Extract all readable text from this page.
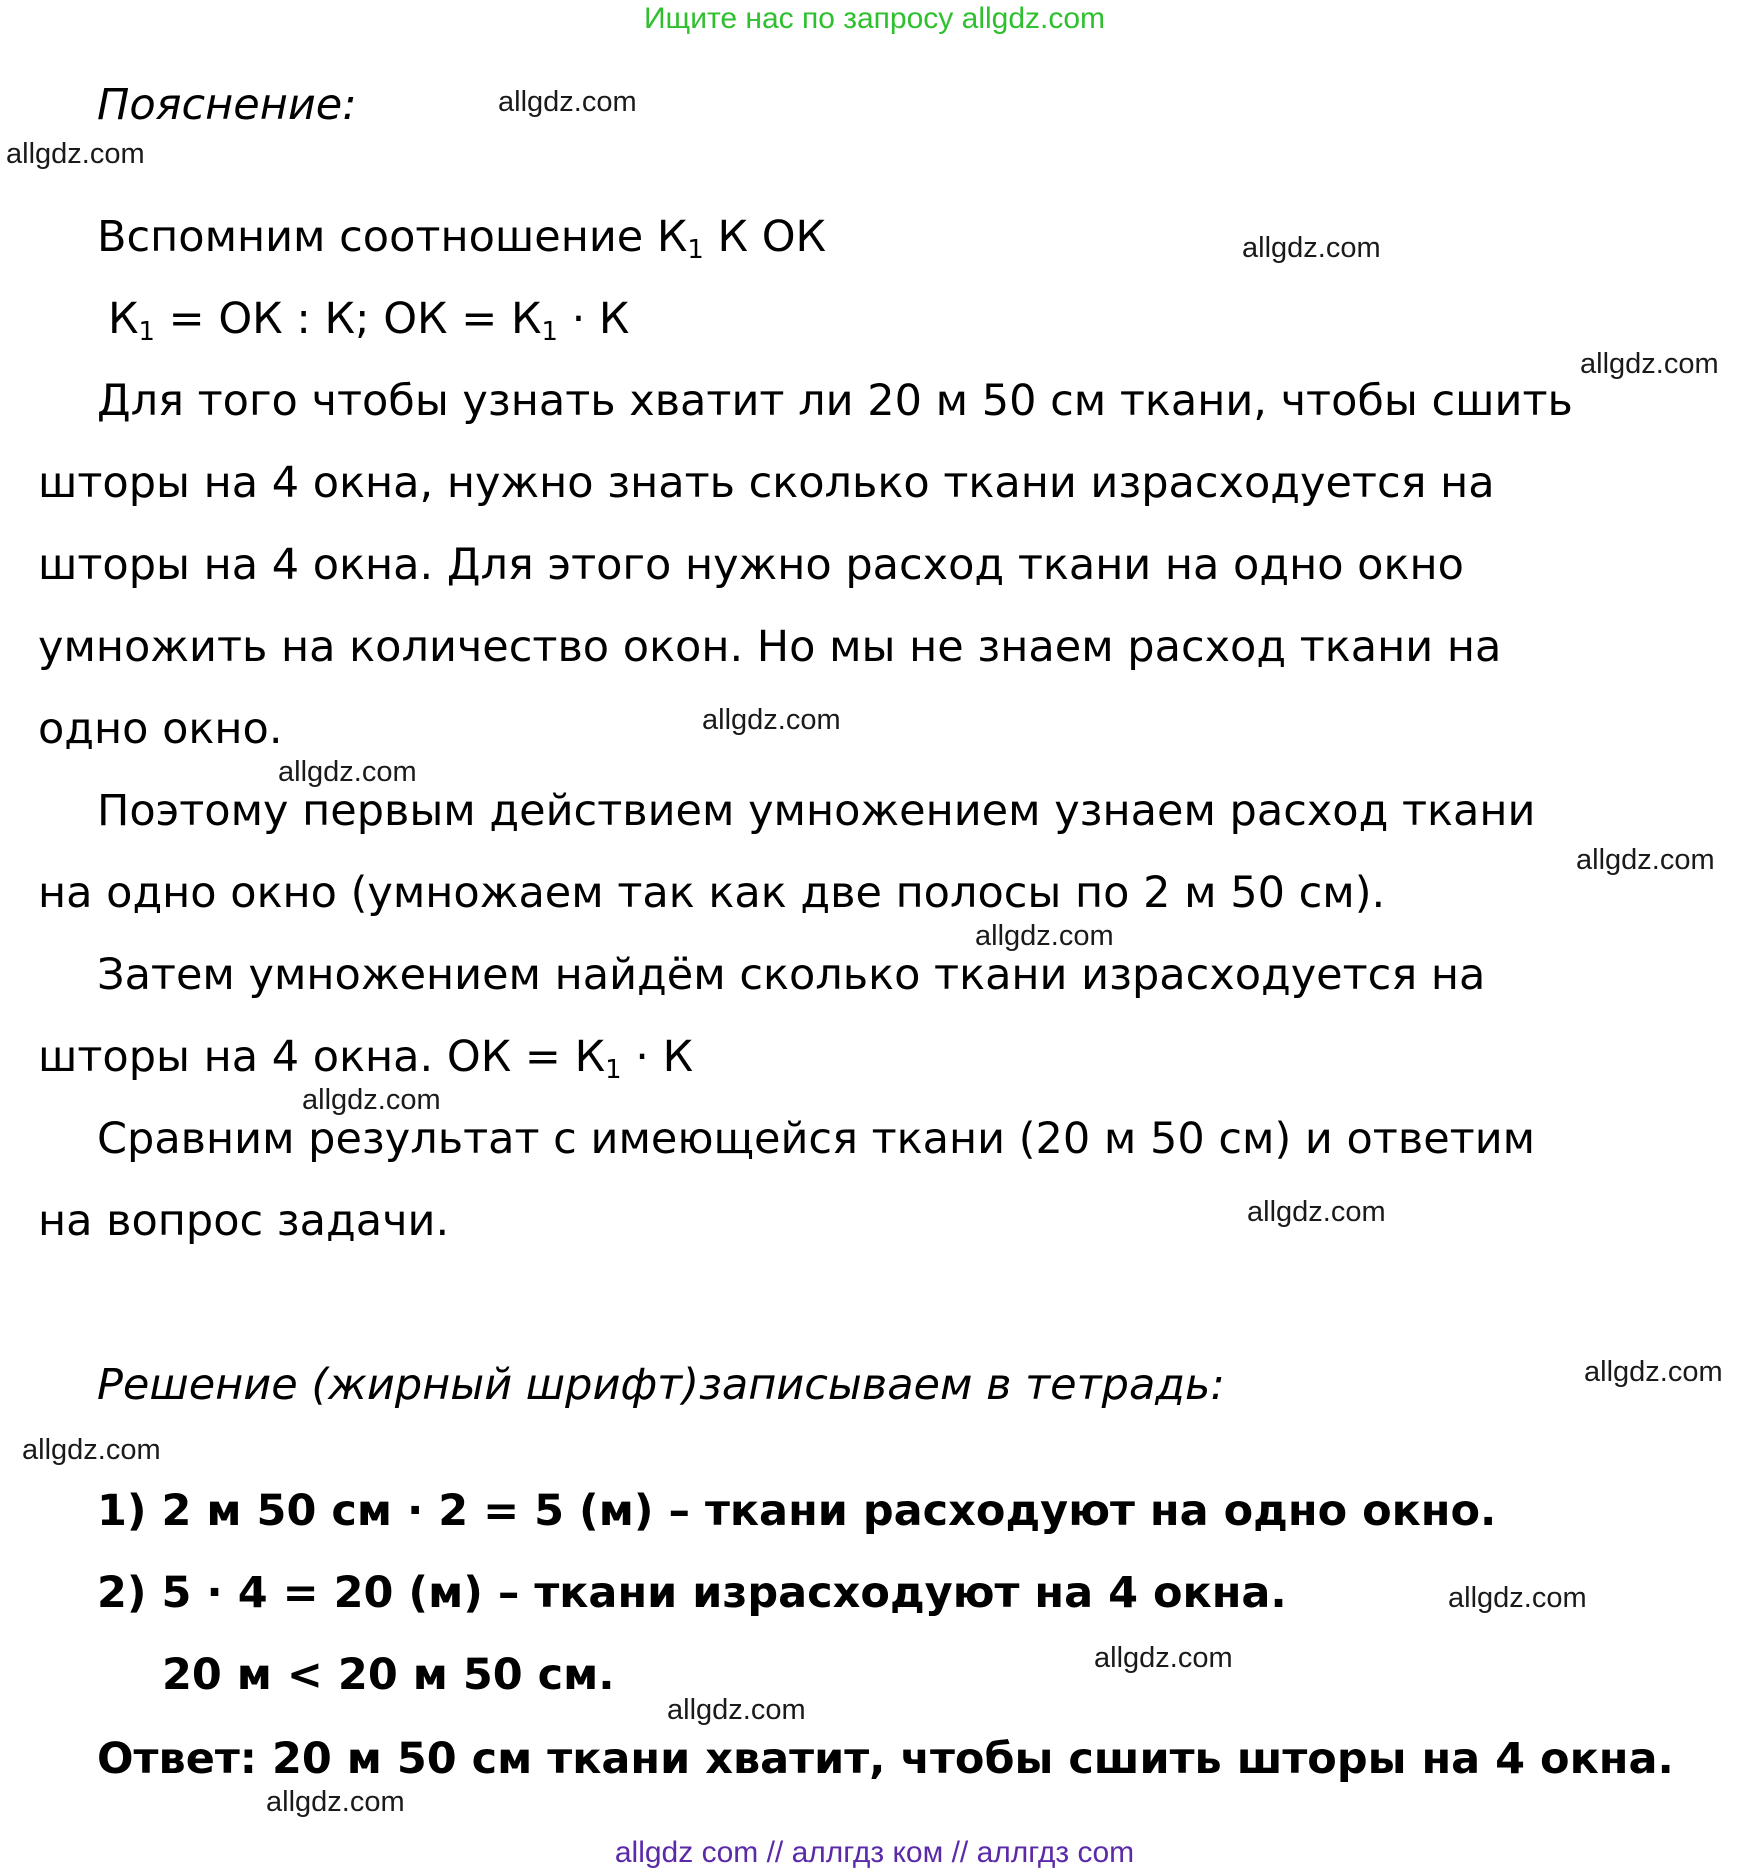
Ищите нас по запросу allgdz.com
Пояснение:
Вспомним соотношение $К_1$ К ОК
$К_1$ = ОК : К; ОК = $К_1 \cdot К$
Для того чтобы узнать хватит ли 20 м 50 см ткани, чтобы сшить
шторы на 4 окна, нужно знать сколько ткани израсходуется на
шторы на 4 окна. Для этого нужно расход ткани на одно окно
умножить на количество окон. Но мы не знаем расход ткани на
одно окно.
Поэтому первым действием умножением узнаем расход ткани
на одно окно (умножаем так как две полосы по 2 м 50 см).
Затем умножением найдём сколько ткани израсходуется на
шторы на 4 окна. ОК = $К_1 \cdot К$
Сравним результат с имеющейся ткани (20 м 50 см) и ответим
на вопрос задачи.
Решение (жирный шрифт)записываем в тетрадь:
1) 2 м 50 см · 2 = 5 (м) – ткани расходуют на одно окно.
2) 5 · 4 = 20 (м) – ткани израсходуют на 4 окна.
20 м < 20 м 50 см.
Ответ: 20 м 50 см ткани хватит, чтобы сшить шторы на 4 окна.
allgdz.com
allgdz.com
allgdz.com
allgdz.com
allgdz.com
allgdz.com
allgdz.com
allgdz.com
allgdz.com
allgdz.com
allgdz.com
allgdz.com
allgdz.com
allgdz.com
allgdz.com
allgdz.com
allgdz com // аллгдз ком // аллгдз com
